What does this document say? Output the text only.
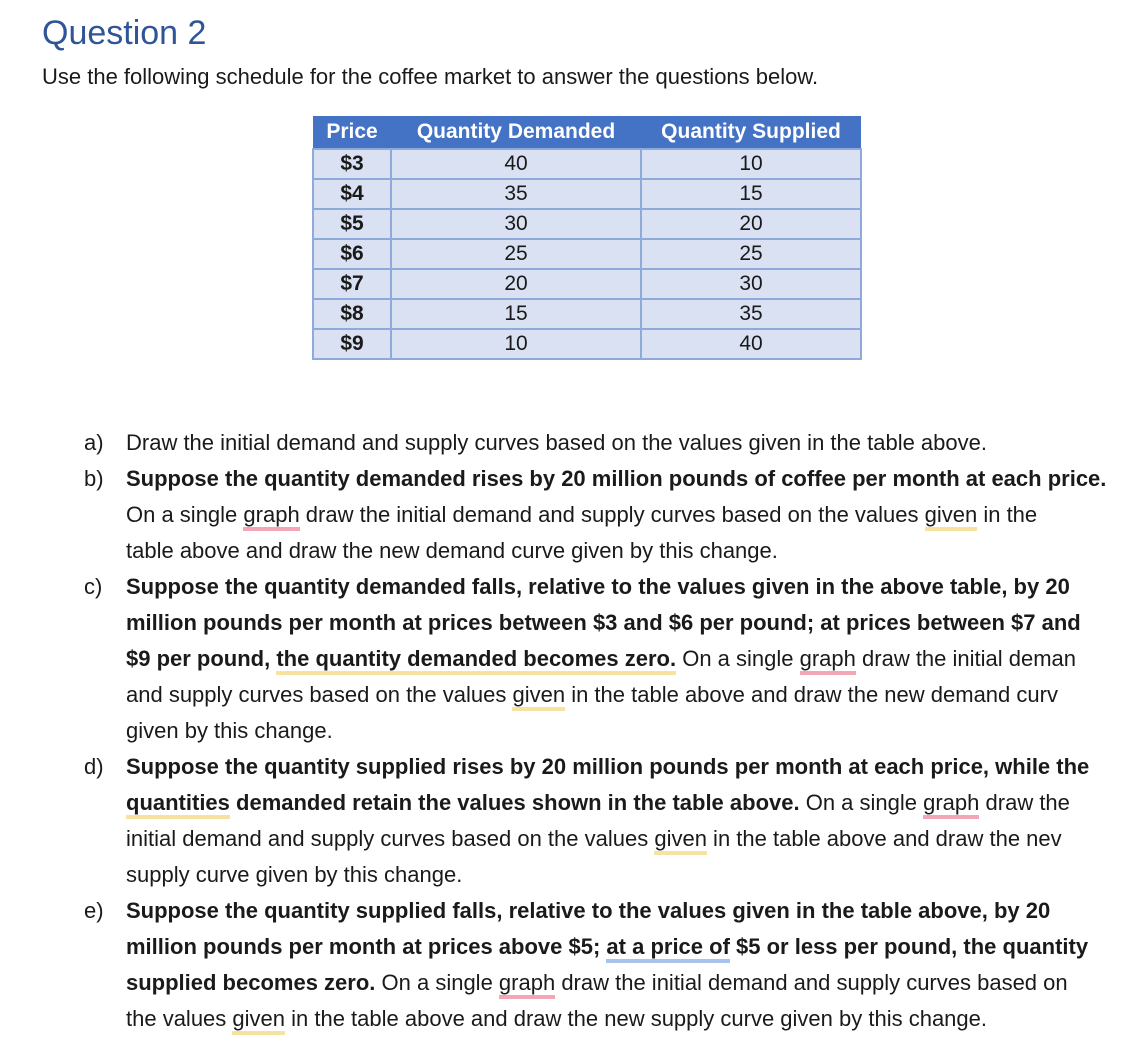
Question 2

Use the following schedule for the coffee market to answer the questions below.

Price	Quantity Demanded	Quantity Supplied
$3	40	10
$4	35	15
$5	30	20
$6	25	25
$7	20	30
$8	15	35
$9	10	40
a) Draw the initial demand and supply curves based on the values given in the table above.
b) Suppose the quantity demanded rises by 20 million pounds of coffee per month at each price.
On a single graph draw the initial demand and supply curves based on the values given in the
table above and draw the new demand curve given by this change.
c) Suppose the quantity demanded falls, relative to the values given in the above table, by 20
million pounds per month at prices between $3 and $6 per pound; at prices between $7 and
$9 per pound, the quantity demanded becomes zero. On a single graph draw the initial deman
and supply curves based on the values given in the table above and draw the new demand curv
given by this change.
d) Suppose the quantity supplied rises by 20 million pounds per month at each price, while the
quantities demanded retain the values shown in the table above. On a single graph draw the
initial demand and supply curves based on the values given in the table above and draw the nev
supply curve given by this change.
e) Suppose the quantity supplied falls, relative to the values given in the table above, by 20
million pounds per month at prices above $5; at a price of $5 or less per pound, the quantity
supplied becomes zero. On a single graph draw the initial demand and supply curves based on
the values given in the table above and draw the new supply curve given by this change.
